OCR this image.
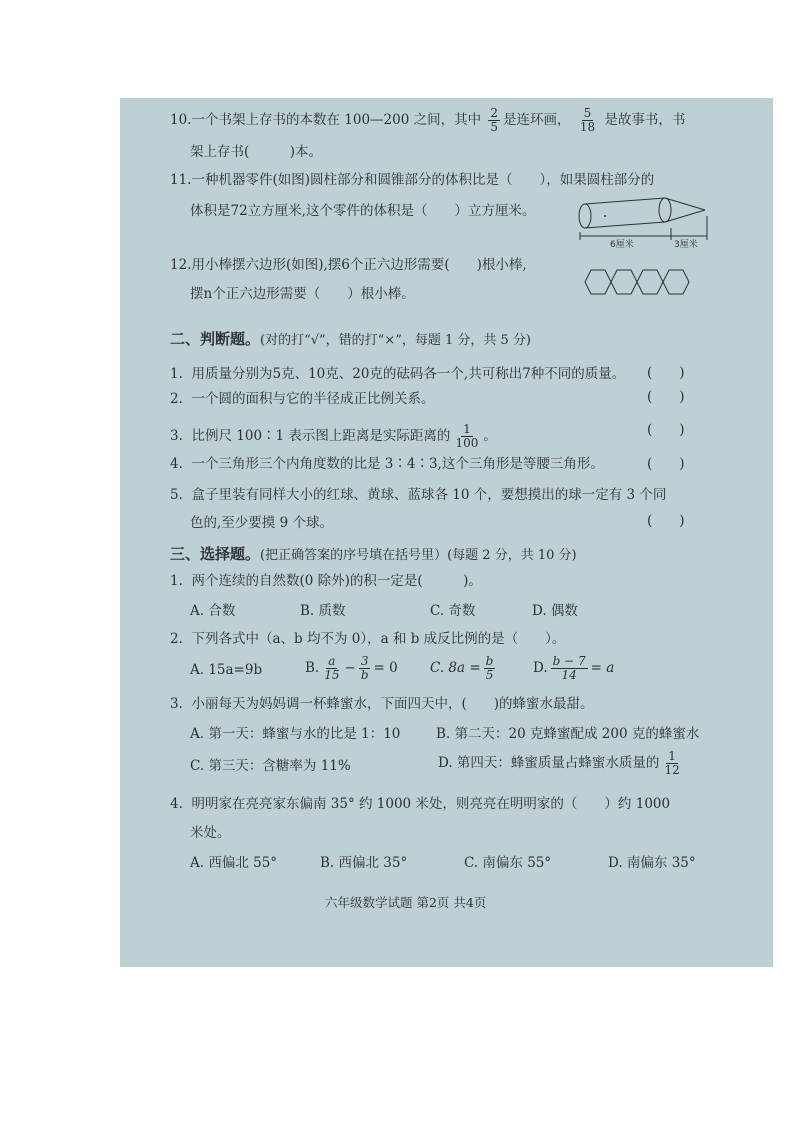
10.一个书架上存书的本数在 100—200 之间，其中 $\frac{2}{5}$ 是连环画， $\frac{5}{18}$ 是故事书，书
架上存书(　　　)本。
11.一种机器零件(如图)圆柱部分和圆锥部分的体积比是（　　），如果圆柱部分的
体积是72立方厘米,这个零件的体积是（　　）立方厘米。
6厘米	3厘米
12.用小棒摆六边形(如图),摆6个正六边形需要(　　)根小棒,
摆n个正六边形需要（　　）根小棒。
二、判断题。(对的打“√”，错的打“×”，每题 1 分，共 5 分)
1. 用质量分别为5克、10克、20克的砝码各一个,共可称出7种不同的质量。 (　　)
2. 一个圆的面积与它的半径成正比例关系。	(　　)
3. 比例尺 100∶1 表示图上距离是实际距离的 $\frac{1}{100}$ 。	(　　)
4. 一个三角形三个内角度数的比是 3∶4∶3,这个三角形是等腰三角形。	(　　)
5. 盒子里装有同样大小的红球、黄球、蓝球各 10 个，要想摸出的球一定有 3 个同
色的,至少要摸 9 个球。	(　　)
三、选择题。(把正确答案的序号填在括号里）(每题 2 分，共 10 分)
1. 两个连续的自然数(0 除外)的积一定是(　　　)。
A. 合数	B. 质数	C. 奇数	D. 偶数
2. 下列各式中（a、b 均不为 0），a 和 b 成反比例的是（　　）。
A. 15a=9b	B. $\frac{a}{15} - \frac{3}{b} = 0$ C. $8a = \frac{b}{5}$	D. $\frac{b - 7}{14} = a$
3. 小丽每天为妈妈调一杯蜂蜜水，下面四天中，(　　)的蜂蜜水最甜。
A. 第一天：蜂蜜与水的比是 1：10	B. 第二天：20 克蜂蜜配成 200 克的蜂蜜水
C. 第三天：含糖率为 11%	D. 第四天：蜂蜜质量占蜂蜜水质量的 $\frac{1}{12}$
4. 明明家在亮亮家东偏南 35° 约 1000 米处，则亮亮在明明家的（　　）约 1000
米处。
A. 西偏北 55°	B. 西偏北 35°	C. 南偏东 55°	D. 南偏东 35°
六年级数学试题 第2页 共4页
